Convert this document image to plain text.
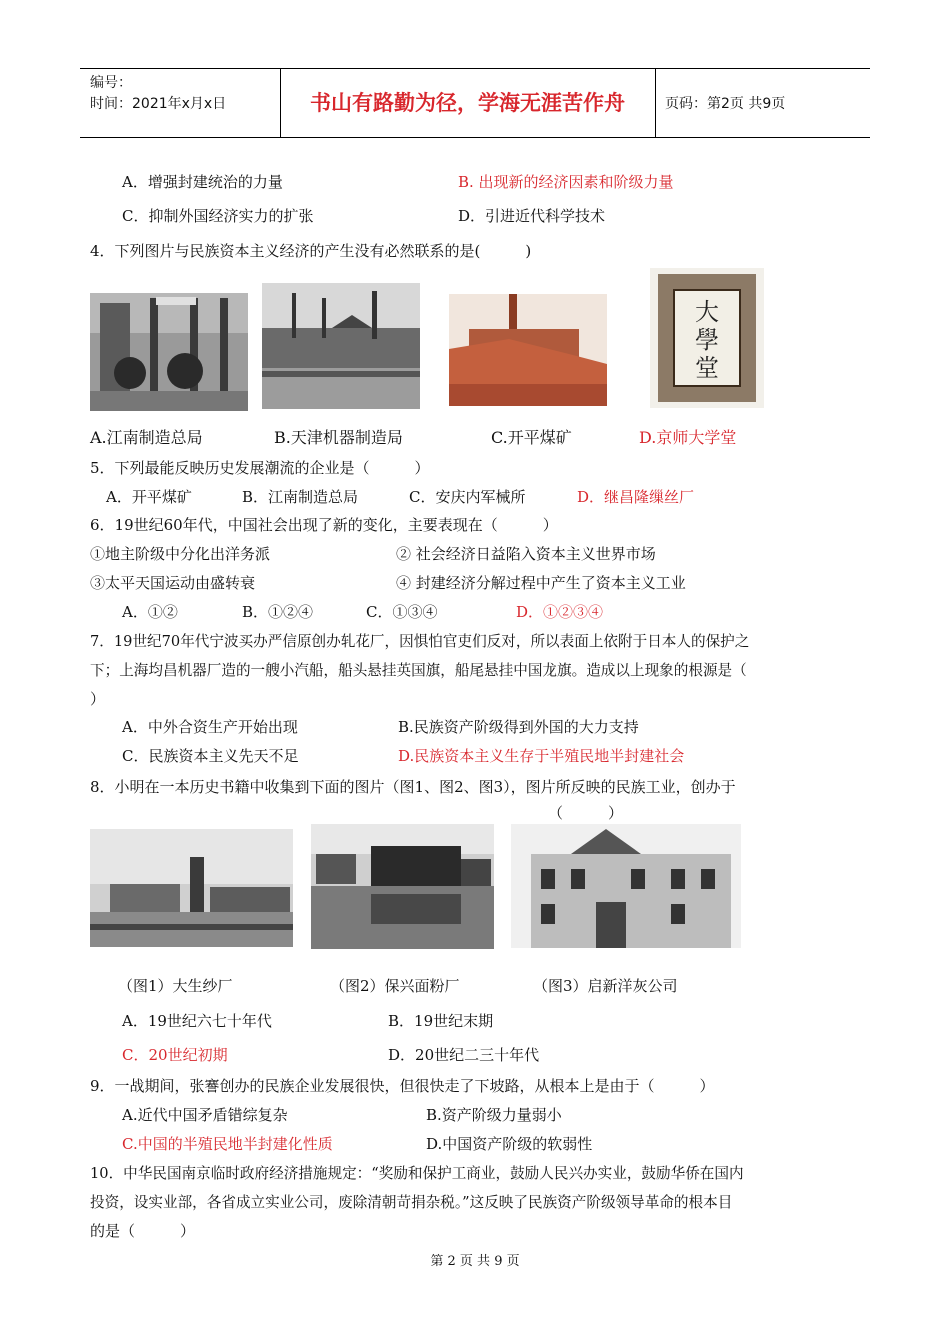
编号：
时间：2021年x月x日	书山有路勤为径，学海无涯苦作舟	页码：第2页 共9页
A．增强封建统治的力量	B. 出现新的经济因素和阶级力量
C．抑制外国经济实力的扩张	D．引进近代科学技术
4．下列图片与民族资本主义经济的产生没有必然联系的是(　　　)
大
學
堂
A.江南制造总局	B.天津机器制造局	C.开平煤矿	D.京师大学堂
5．下列最能反映历史发展潮流的企业是（　　　）
A．开平煤矿	B．江南制造总局	C．安庆内军械所	D．继昌隆缫丝厂
6．19世纪60年代，中国社会出现了新的变化，主要表现在（　　　）
①地主阶级中分化出洋务派	② 社会经济日益陷入资本主义世界市场
③太平天国运动由盛转衰	④ 封建经济分解过程中产生了资本主义工业
A．①②	B．①②④	C．①③④	D．①②③④
7．19世纪70年代宁波买办严信原创办轧花厂，因惧怕官吏们反对，所以表面上依附于日本人的保护之
下；上海均昌机器厂造的一艘小汽船，船头悬挂英国旗，船尾悬挂中国龙旗。造成以上现象的根源是（
）
A．中外合资生产开始出现	B.民族资产阶级得到外国的大力支持
C．民族资本主义先天不足	D.民族资本主义生存于半殖民地半封建社会
8．小明在一本历史书籍中收集到下面的图片（图1、图2、图3），图片所反映的民族工业，创办于
（　　　）
（图1）大生纱厂	（图2）保兴面粉厂	（图3）启新洋灰公司
A．19世纪六七十年代	B．19世纪末期
C．20世纪初期	D．20世纪二三十年代
9．一战期间，张謇创办的民族企业发展很快，但很快走了下坡路，从根本上是由于（　　　）
A.近代中国矛盾错综复杂	B.资产阶级力量弱小
C.中国的半殖民地半封建化性质	D.中国资产阶级的软弱性
10．中华民国南京临时政府经济措施规定：“奖励和保护工商业，鼓励人民兴办实业，鼓励华侨在国内
投资，设实业部，各省成立实业公司，废除清朝苛捐杂税。”这反映了民族资产阶级领导革命的根本目
的是（　　　）
第 2 页 共 9 页
